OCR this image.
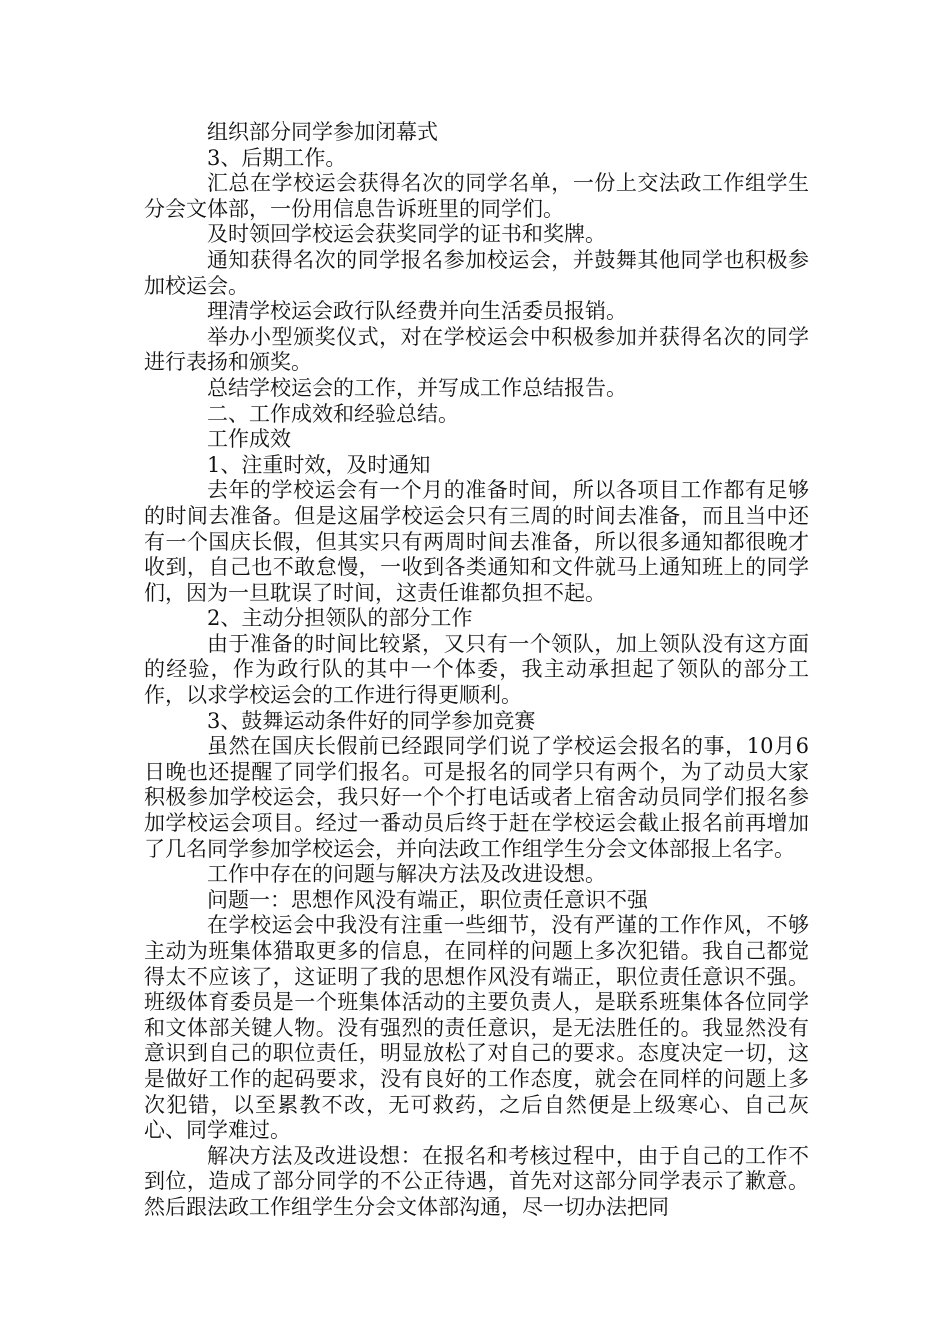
组织部分同学参加闭幕式

3、后期工作。

汇总在学校运会获得名次的同学名单，一份上交法政工作组学生分会文体部，一份用信息告诉班里的同学们。

及时领回学校运会获奖同学的证书和奖牌。

通知获得名次的同学报名参加校运会，并鼓舞其他同学也积极参加校运会。

理清学校运会政行队经费并向生活委员报销。

举办小型颁奖仪式，对在学校运会中积极参加并获得名次的同学进行表扬和颁奖。

总结学校运会的工作，并写成工作总结报告。

二、工作成效和经验总结。

工作成效

1、注重时效，及时通知

去年的学校运会有一个月的准备时间，所以各项目工作都有足够的时间去准备。但是这届学校运会只有三周的时间去准备，而且当中还有一个国庆长假，但其实只有两周时间去准备，所以很多通知都很晚才收到，自己也不敢怠慢，一收到各类通知和文件就马上通知班上的同学们，因为一旦耽误了时间，这责任谁都负担不起。

2、主动分担领队的部分工作

由于准备的时间比较紧，又只有一个领队，加上领队没有这方面的经验，作为政行队的其中一个体委，我主动承担起了领队的部分工作，以求学校运会的工作进行得更顺利。

3、鼓舞运动条件好的同学参加竞赛

虽然在国庆长假前已经跟同学们说了学校运会报名的事，10月6日晚也还提醒了同学们报名。可是报名的同学只有两个，为了动员大家积极参加学校运会，我只好一个个打电话或者上宿舍动员同学们报名参加学校运会项目。经过一番动员后终于赶在学校运会截止报名前再增加了几名同学参加学校运会，并向法政工作组学生分会文体部报上名字。

工作中存在的问题与解决方法及改进设想。

问题一：思想作风没有端正，职位责任意识不强

在学校运会中我没有注重一些细节，没有严谨的工作作风，不够主动为班集体猎取更多的信息，在同样的问题上多次犯错。我自己都觉得太不应该了，这证明了我的思想作风没有端正，职位责任意识不强。班级体育委员是一个班集体活动的主要负责人，是联系班集体各位同学和文体部关键人物。没有强烈的责任意识，是无法胜任的。我显然没有意识到自己的职位责任，明显放松了对自己的要求。态度决定一切，这是做好工作的起码要求，没有良好的工作态度，就会在同样的问题上多次犯错，以至累教不改，无可救药，之后自然便是上级寒心、自己灰心、同学难过。

解决方法及改进设想：在报名和考核过程中，由于自己的工作不到位，造成了部分同学的不公正待遇，首先对这部分同学表示了歉意。然后跟法政工作组学生分会文体部沟通，尽一切办法把同
